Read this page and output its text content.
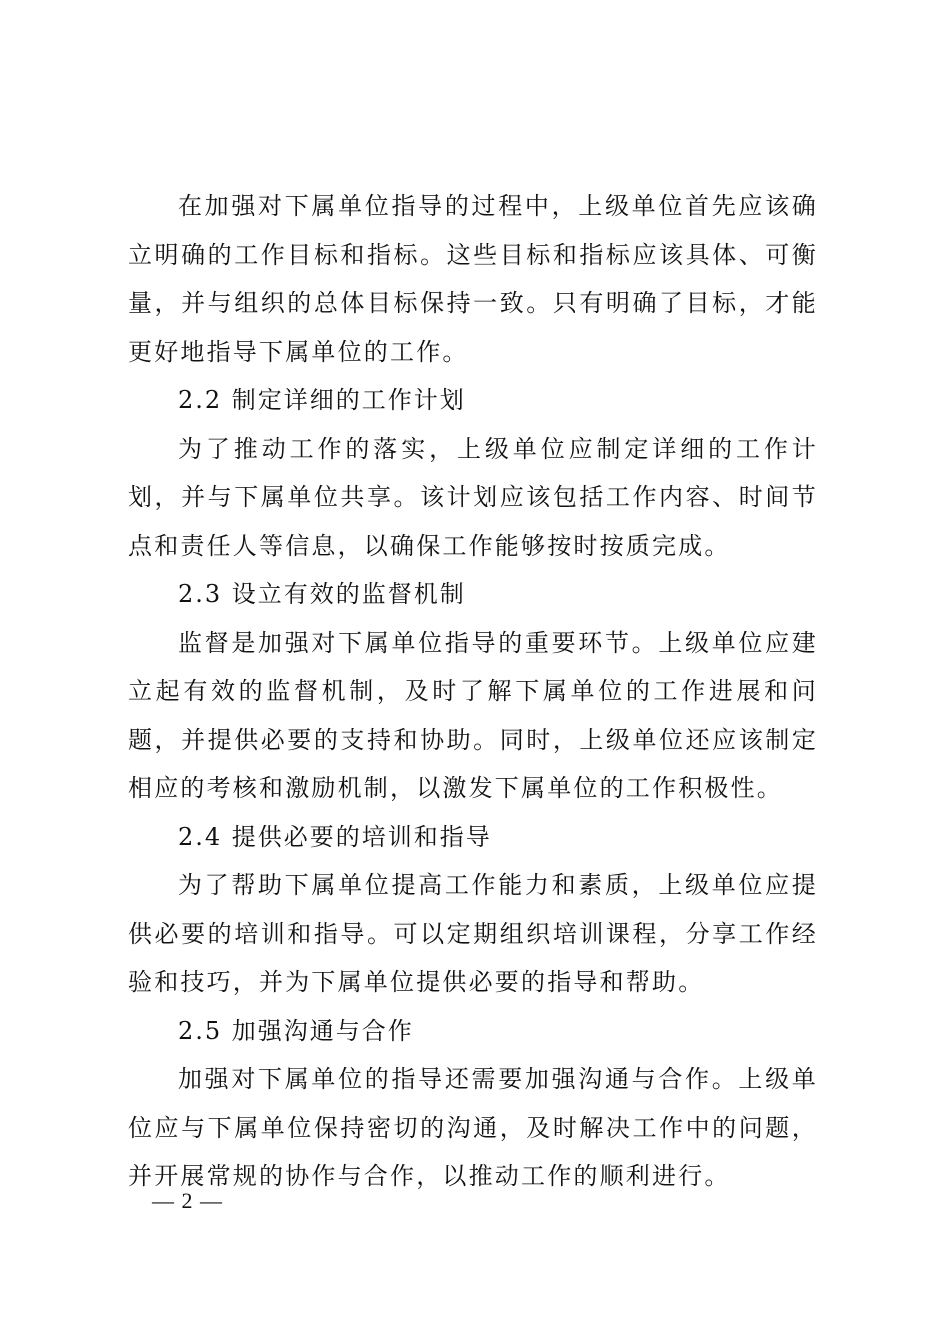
在加强对下属单位指导的过程中，上级单位首先应该确立明确的工作目标和指标。这些目标和指标应该具体、可衡量，并与组织的总体目标保持一致。只有明确了目标，才能更好地指导下属单位的工作。

2.2 制定详细的工作计划

为了推动工作的落实，上级单位应制定详细的工作计划，并与下属单位共享。该计划应该包括工作内容、时间节点和责任人等信息，以确保工作能够按时按质完成。

2.3 设立有效的监督机制

监督是加强对下属单位指导的重要环节。上级单位应建立起有效的监督机制，及时了解下属单位的工作进展和问题，并提供必要的支持和协助。同时，上级单位还应该制定相应的考核和激励机制，以激发下属单位的工作积极性。

2.4 提供必要的培训和指导

为了帮助下属单位提高工作能力和素质，上级单位应提供必要的培训和指导。可以定期组织培训课程，分享工作经验和技巧，并为下属单位提供必要的指导和帮助。

2.5 加强沟通与合作

加强对下属单位的指导还需要加强沟通与合作。上级单位应与下属单位保持密切的沟通，及时解决工作中的问题，并开展常规的协作与合作，以推动工作的顺利进行。

— 2 —
